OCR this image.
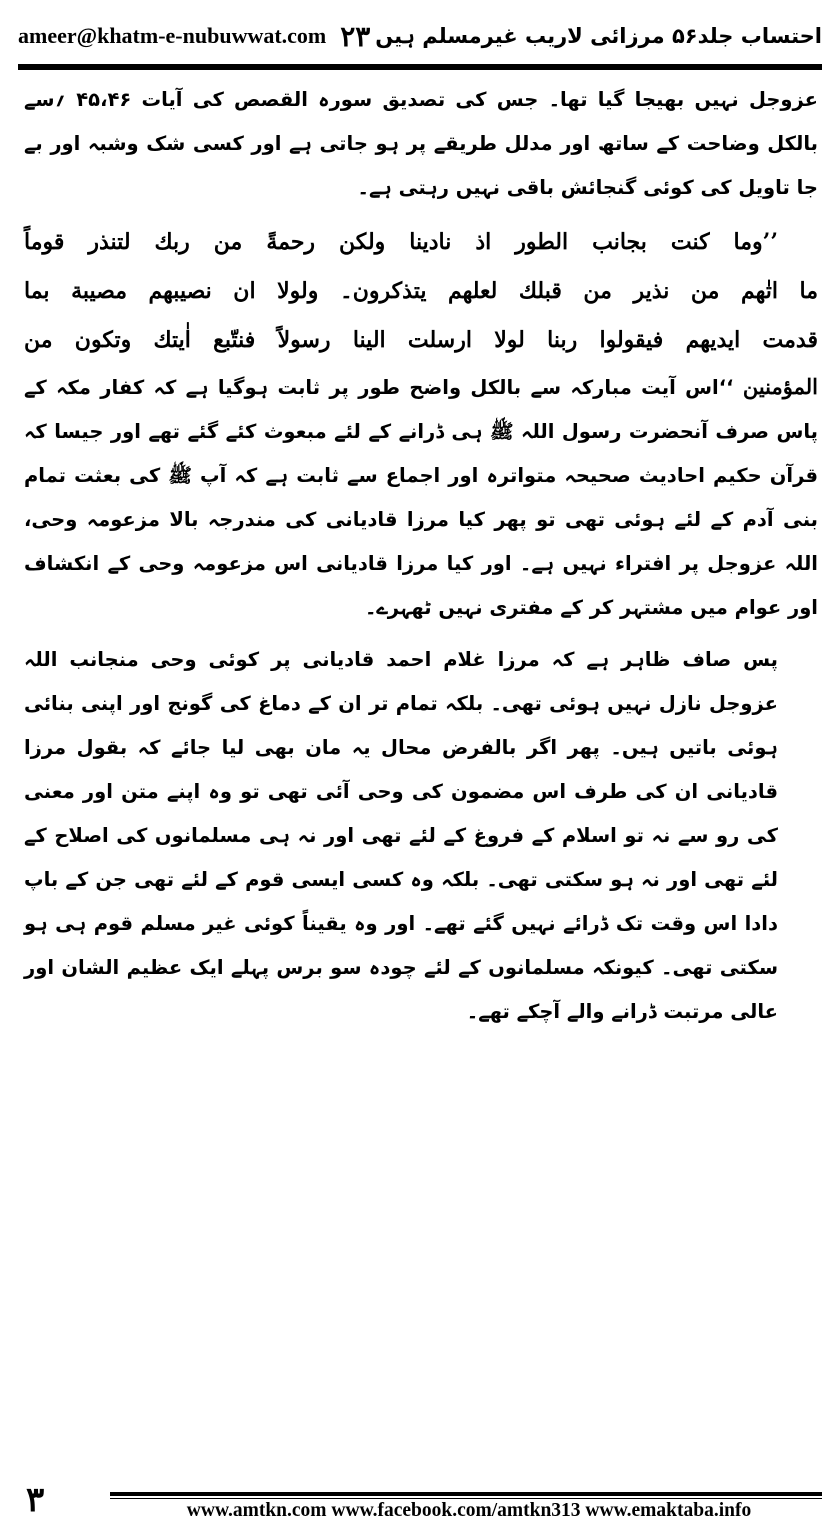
ameer@khatm-e-nubuwwat.com ۲۳ احتساب جلد۵۶ مرزائی لاریب غیرمسلم ہیں

عزوجل نہیں بھیجا گیا تھا۔ جس کی تصدیق سورہ القصص کی آیات ۴۵،۴۶ ؍سے بالکل وضاحت کے ساتھ اور مدلل طریقے پر ہو جاتی ہے اور کسی شک وشبہ اور بے جا تاویل کی کوئی گنجائش باقی نہیں رہتی ہے۔

’’وما كنت بجانب الطور اذ نادينا ولكن رحمةً من ربك لتنذر قوماً

ما اتٰهم من نذير من قبلك لعلهم يتذكرون۔ ولولا ان نصيبهم مصيبة بما

قدمت ايديهم فيقولوا ربنا لولا ارسلت الينا رسولاً فنتّبع اٰيتك وتكون من

المؤمنين ‘‘اس آیت مبارکہ سے بالکل واضح طور پر ثابت ہوگیا ہے کہ کفار مکہ کے پاس صرف آنحضرت رسول اللہ ﷺ ہی ڈرانے کے لئے مبعوث کئے گئے تھے اور جیسا کہ قرآن حکیم احادیث صحیحہ متواترہ اور اجماع سے ثابت ہے کہ آپ ﷺ کی بعثت تمام بنی آدم کے لئے ہوئی تھی تو پھر کیا مرزا قادیانی کی مندرجہ بالا مزعومہ وحی، اللہ عزوجل پر افتراء نہیں ہے۔ اور کیا مرزا قادیانی اس مزعومہ وحی کے انکشاف اور عوام میں مشتہر کر کے مفتری نہیں ٹھہرے۔

پس صاف ظاہر ہے کہ مرزا غلام احمد قادیانی پر کوئی وحی منجانب اللہ عزوجل نازل نہیں ہوئی تھی۔ بلکہ تمام تر ان کے دماغ کی گونج اور اپنی بنائی ہوئی باتیں ہیں۔ پھر اگر بالفرض محال یہ مان بھی لیا جائے کہ بقول مرزا قادیانی ان کی طرف اس مضمون کی وحی آئی تھی تو وہ اپنے متن اور معنی کی رو سے نہ تو اسلام کے فروغ کے لئے تھی اور نہ ہی مسلمانوں کی اصلاح کے لئے تھی اور نہ ہو سکتی تھی۔ بلکہ وہ کسی ایسی قوم کے لئے تھی جن کے باپ دادا اس وقت تک ڈرائے نہیں گئے تھے۔ اور وہ یقیناً کوئی غیر مسلم قوم ہی ہو سکتی تھی۔ کیونکہ مسلمانوں کے لئے چودہ سو برس پہلے ایک عظیم الشان اور عالی مرتبت ڈرانے والے آچکے تھے۔

۳	www.amtkn.com www.facebook.com/amtkn313 www.emaktaba.info
